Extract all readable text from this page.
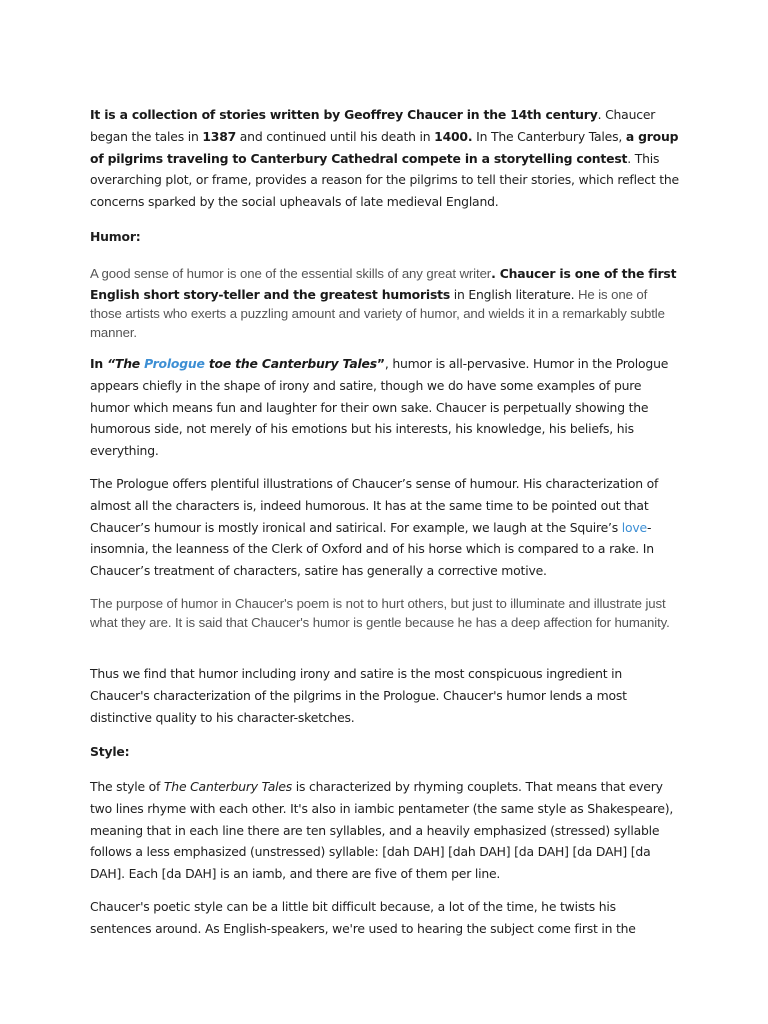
It is a collection of stories written by Geoffrey Chaucer in the 14th century. Chaucer began the tales in 1387 and continued until his death in 1400. In The Canterbury Tales, a group of pilgrims traveling to Canterbury Cathedral compete in a storytelling contest. This overarching plot, or frame, provides a reason for the pilgrims to tell their stories, which reflect the concerns sparked by the social upheavals of late medieval England.

Humor:

A good sense of humor is one of the essential skills of any great writer. Chaucer is one of the first English short story-teller and the greatest humorists in English literature. He is one of those artists who exerts a puzzling amount and variety of humor, and wields it in a remarkably subtle manner.

In “The Prologue toe the Canterbury Tales”, humor is all-pervasive. Humor in the Prologue appears chiefly in the shape of irony and satire, though we do have some examples of pure humor which means fun and laughter for their own sake. Chaucer is perpetually showing the humorous side, not merely of his emotions but his interests, his knowledge, his beliefs, his everything.

The Prologue offers plentiful illustrations of Chaucer’s sense of humour. His characterization of almost all the characters is, indeed humorous. It has at the same time to be pointed out that Chaucer’s humour is mostly ironical and satirical. For example, we laugh at the Squire’s love-insomnia, the leanness of the Clerk of Oxford and of his horse which is compared to a rake. In Chaucer’s treatment of characters, satire has generally a corrective motive.

The purpose of humor in Chaucer's poem is not to hurt others, but just to illuminate and illustrate just what they are. It is said that Chaucer's humor is gentle because he has a deep affection for humanity.

Thus we find that humor including irony and satire is the most conspicuous ingredient in Chaucer's characterization of the pilgrims in the Prologue. Chaucer's humor lends a most distinctive quality to his character-sketches.

Style:

The style of The Canterbury Tales is characterized by rhyming couplets. That means that every two lines rhyme with each other. It's also in iambic pentameter (the same style as Shakespeare), meaning that in each line there are ten syllables, and a heavily emphasized (stressed) syllable follows a less emphasized (unstressed) syllable: [dah DAH] [dah DAH] [da DAH] [da DAH] [da DAH]. Each [da DAH] is an iamb, and there are five of them per line.

Chaucer's poetic style can be a little bit difficult because, a lot of the time, he twists his sentences around. As English-speakers, we're used to hearing the subject come first in the
